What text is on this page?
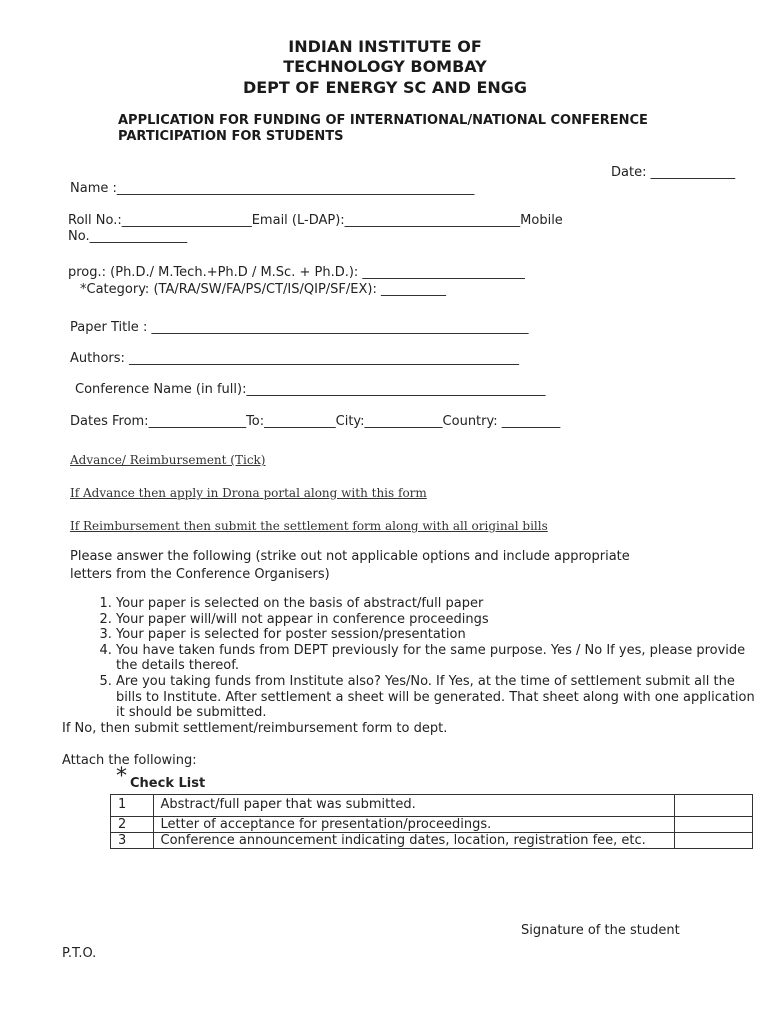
INDIAN INSTITUTE OF
TECHNOLOGY BOMBAY
DEPT OF ENERGY SC AND ENGG
APPLICATION FOR FUNDING OF INTERNATIONAL/NATIONAL CONFERENCE
PARTICIPATION FOR STUDENTS
Date: _____________
Name :_______________________________________________________
Roll No.:____________________Email (L-DAP):___________________________Mobile
No._______________
prog.: (Ph.D./ M.Tech.+Ph.D / M.Sc. + Ph.D.): _________________________
*Category: (TA/RA/SW/FA/PS/CT/IS/QIP/SF/EX): __________
Paper Title : __________________________________________________________
Authors: ____________________________________________________________
Conference Name (in full):______________________________________________
Dates From:_______________To:___________City:____________Country: _________
Advance/ Reimbursement (Tick)
If Advance then apply in Drona portal along with this form
If Reimbursement then submit the settlement form along with all original bills
Please answer the following (strike out not applicable options and include appropriate
letters from the Conference Organisers)
1. Your paper is selected on the basis of abstract/full paper
2. Your paper will/will not appear in conference proceedings
3. Your paper is selected for poster session/presentation
4. You have taken funds from DEPT previously for the same purpose. Yes / No If yes, please provide the details thereof.
5. Are you taking funds from Institute also? Yes/No. If Yes, at the time of settlement submit all the bills to Institute. After settlement a sheet will be generated. That sheet along with one application it should be submitted.
If No, then submit settlement/reimbursement form to dept.
Attach the following:
* Check List
1	Abstract/full paper that was submitted.	
2	Letter of acceptance for presentation/proceedings.	
3	Conference announcement indicating dates, location, registration fee, etc.	
Signature of the student
P.T.O.
